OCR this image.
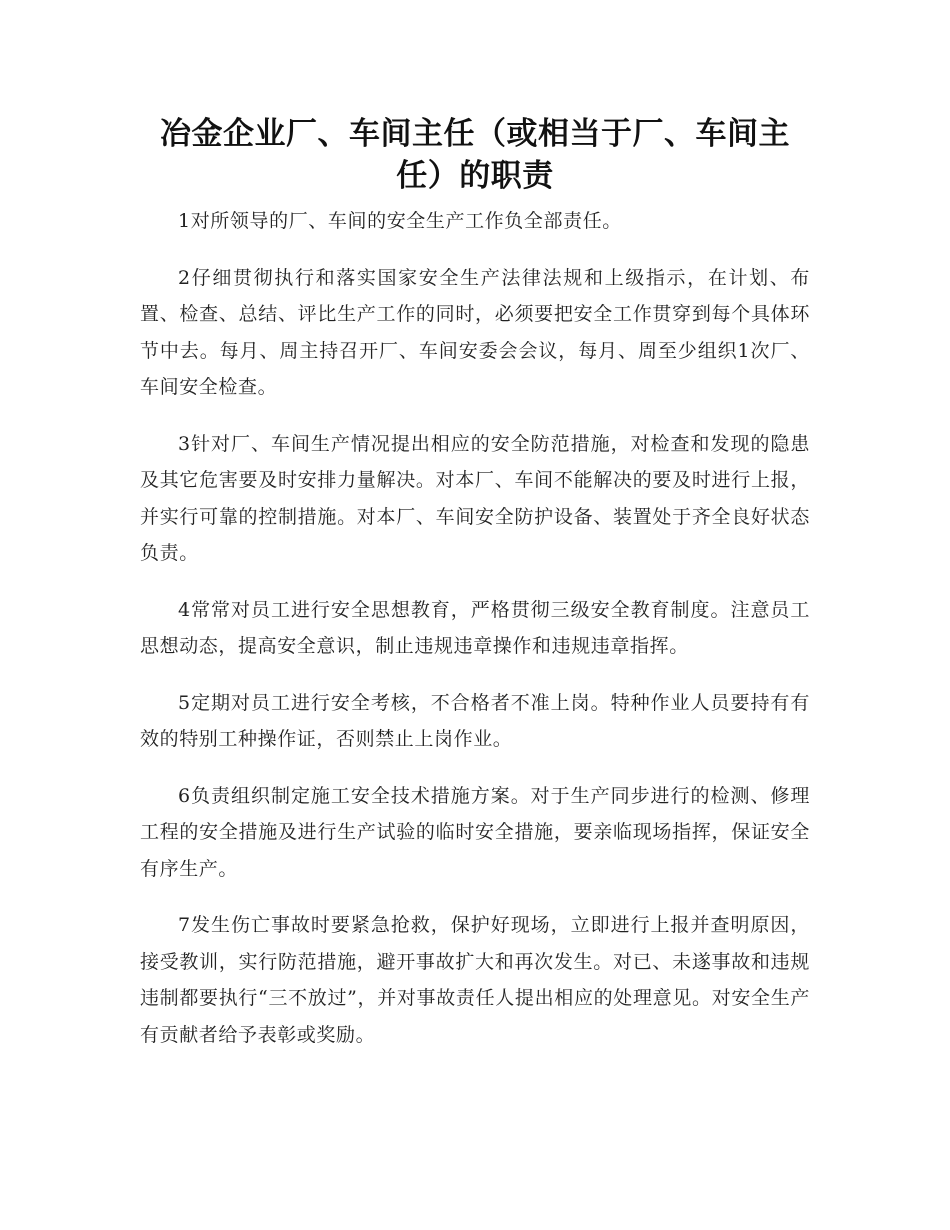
冶金企业厂、车间主任（或相当于厂、车间主任）的职责

1对所领导的厂、车间的安全生产工作负全部责任。

2仔细贯彻执行和落实国家安全生产法律法规和上级指示，在计划、布置、检查、总结、评比生产工作的同时，必须要把安全工作贯穿到每个具体环节中去。每月、周主持召开厂、车间安委会会议，每月、周至少组织1次厂、车间安全检查。

3针对厂、车间生产情况提出相应的安全防范措施，对检查和发现的隐患及其它危害要及时安排力量解决。对本厂、车间不能解决的要及时进行上报，并实行可靠的控制措施。对本厂、车间安全防护设备、装置处于齐全良好状态负责。

4常常对员工进行安全思想教育，严格贯彻三级安全教育制度。注意员工思想动态，提高安全意识，制止违规违章操作和违规违章指挥。

5定期对员工进行安全考核，不合格者不准上岗。特种作业人员要持有有效的特别工种操作证，否则禁止上岗作业。

6负责组织制定施工安全技术措施方案。对于生产同步进行的检测、修理工程的安全措施及进行生产试验的临时安全措施，要亲临现场指挥，保证安全有序生产。

7发生伤亡事故时要紧急抢救，保护好现场，立即进行上报并查明原因，接受教训，实行防范措施，避开事故扩大和再次发生。对已、未遂事故和违规违制都要执行“三不放过”，并对事故责任人提出相应的处理意见。对安全生产有贡献者给予表彰或奖励。
